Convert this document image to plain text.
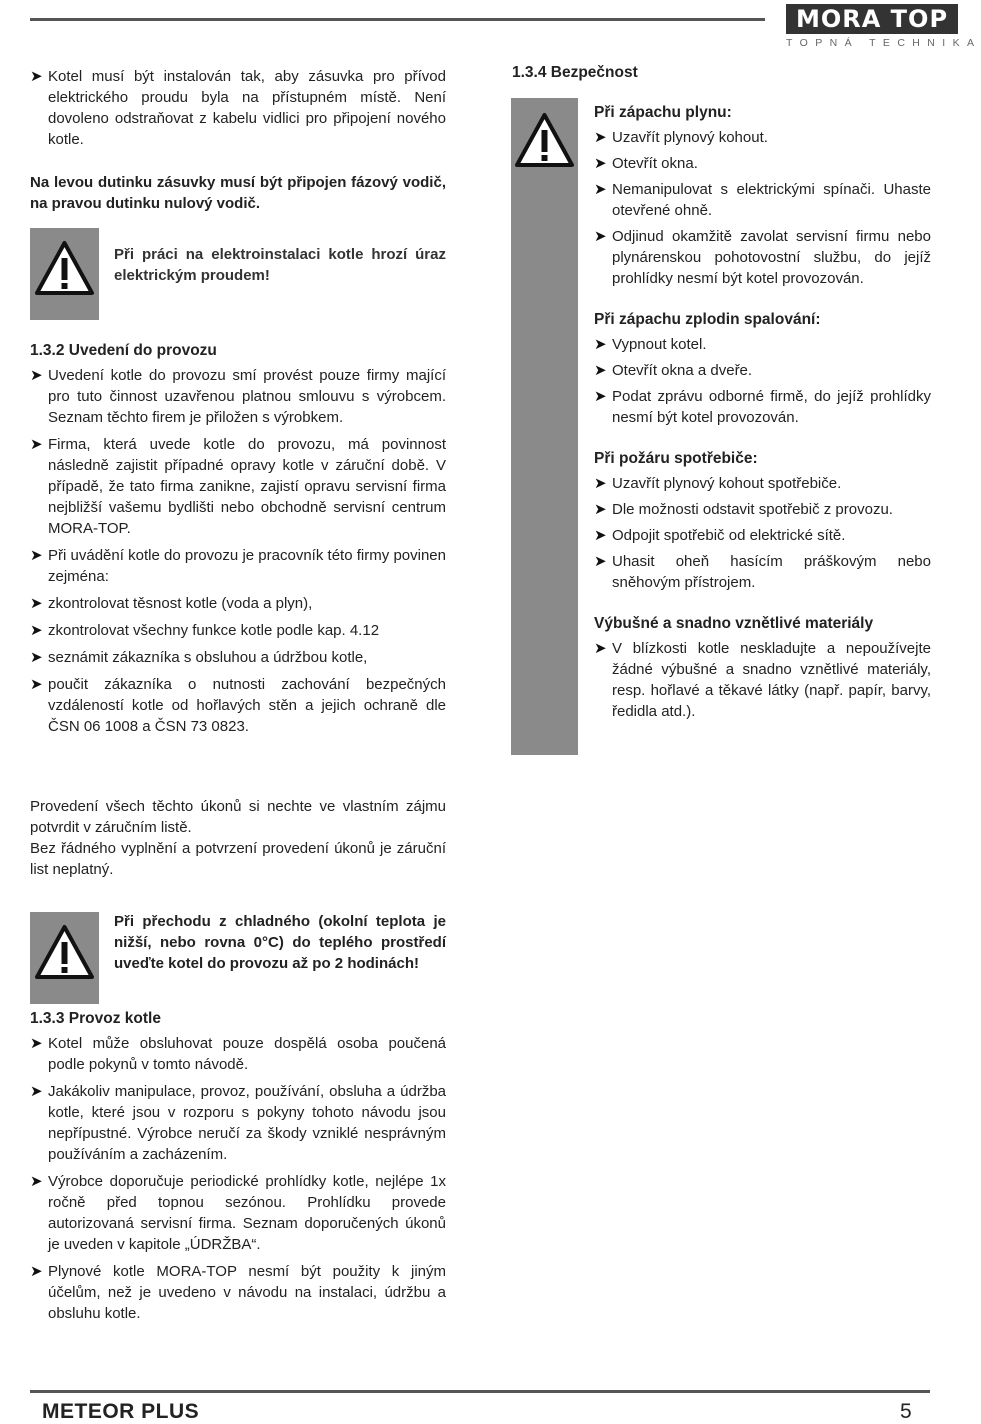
MORA TOP
TOPNÁ TECHNIKA

➤ Kotel musí být instalován tak, aby zásuvka pro přívod elektrického proudu byla na přístupném místě. Není dovoleno odstraňovat z kabelu vidlici pro připojení nového kotle.

Na levou dutinku zásuvky musí být připojen fázový vodič, na pravou dutinku nulový vodič.

Při práci na elektroinstalaci kotle hrozí úraz elektrickým proudem!

1.3.2 Uvedení do provozu

➤ Uvedení kotle do provozu smí provést pouze firmy mající pro tuto činnost uzavřenou platnou smlouvu s výrobcem. Seznam těchto firem je přiložen s výrobkem.

➤ Firma, která uvede kotle do provozu, má povinnost následně zajistit případné opravy kotle v záruční době. V případě, že tato firma zanikne, zajistí opravu servisní firma nejbližší vašemu bydlišti nebo obchodně servisní centrum MORA-TOP.

➤ Při uvádění kotle do provozu je pracovník této firmy povinen zejména:

➤ zkontrolovat těsnost kotle (voda a plyn),

➤ zkontrolovat všechny funkce kotle podle kap. 4.12

➤ seznámit zákazníka s obsluhou a údržbou kotle,

➤ poučit zákazníka o nutnosti zachování bezpečných vzdáleností kotle od hořlavých stěn a jejich ochraně dle ČSN 06 1008 a ČSN 73 0823.

Provedení všech těchto úkonů si nechte ve vlastním zájmu potvrdit v záručním listě.

Bez řádného vyplnění a potvrzení provedení úkonů je záruční list neplatný.

Při přechodu z chladného (okolní teplota je nižší, nebo rovna 0°C) do teplého prostředí uveďte kotel do provozu až po 2 hodinách!

1.3.3 Provoz kotle

➤ Kotel může obsluhovat pouze dospělá osoba poučená podle pokynů v tomto návodě.

➤ Jakákoliv manipulace, provoz, používání, obsluha a údržba kotle, které jsou v rozporu s pokyny tohoto návodu jsou nepřípustné. Výrobce neručí za škody vzniklé nesprávným používáním a zacházením.

➤ Výrobce doporučuje periodické prohlídky kotle, nejlépe 1x ročně před topnou sezónou. Prohlídku provede autorizovaná servisní firma. Seznam doporučených úkonů je uveden v kapitole „ÚDRŽBA“.

➤ Plynové kotle MORA-TOP nesmí být použity k jiným účelům, než je uvedeno v návodu na instalaci, údržbu a obsluhu kotle.

1.3.4 Bezpečnost

Při zápachu plynu:

➤ Uzavřít plynový kohout.

➤ Otevřít okna.

➤ Nemanipulovat s elektrickými spínači. Uhaste otevřené ohně.

➤ Odjinud okamžitě zavolat servisní firmu nebo plynárenskou pohotovostní službu, do jejíž prohlídky nesmí být kotel provozován.

Při zápachu zplodin spalování:

➤ Vypnout kotel.

➤ Otevřít okna a dveře.

➤ Podat zprávu odborné firmě, do jejíž prohlídky nesmí být kotel provozován.

Při požáru spotřebiče:

➤ Uzavřít plynový kohout spotřebiče.

➤ Dle možnosti odstavit spotřebič z provozu.

➤ Odpojit spotřebič od elektrické sítě.

➤ Uhasit oheň hasícím práškovým nebo sněhovým přístrojem.

Výbušné a snadno vznětlivé materiály

➤ V blízkosti kotle neskladujte a nepoužívejte žádné výbušné a snadno vznětlivé materiály, resp. hořlavé a těkavé látky (např. papír, barvy, ředidla atd.).

METEOR PLUS	5
